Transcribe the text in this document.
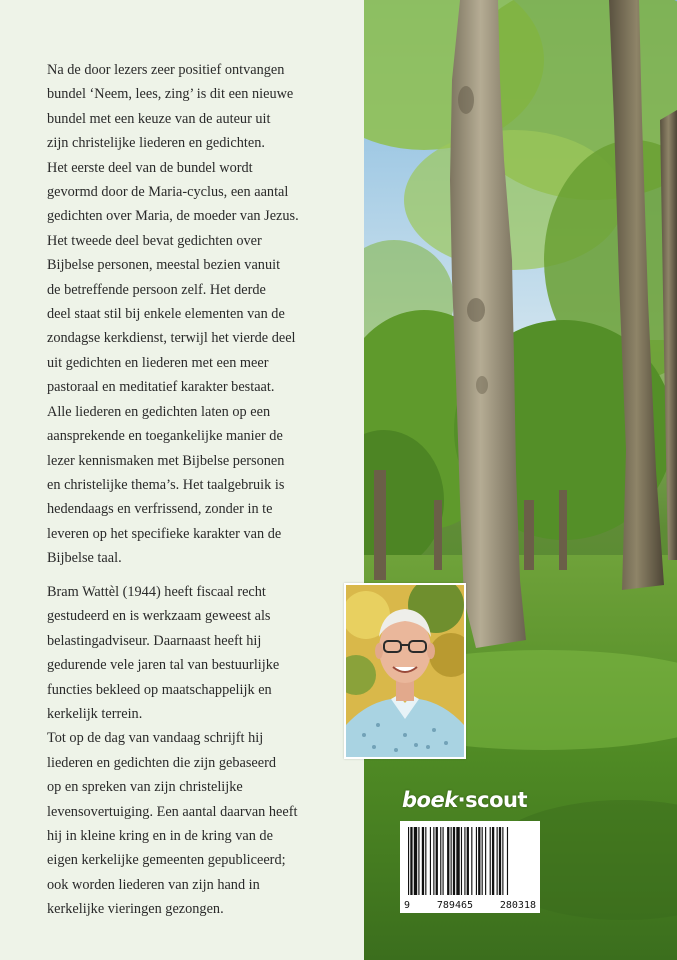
Na de door lezers zeer positief ontvangen
bundel ‘Neem, lees, zing’ is dit een nieuwe
bundel met een keuze van de auteur uit
zijn christelijke liederen en gedichten.
Het eerste deel van de bundel wordt
gevormd door de Maria-cyclus, een aantal
gedichten over Maria, de moeder van Jezus.
Het tweede deel bevat gedichten over
Bijbelse personen, meestal bezien vanuit
de betreffende persoon zelf. Het derde
deel staat stil bij enkele elementen van de
zondagse kerkdienst, terwijl het vierde deel
uit gedichten en liederen met een meer
pastoraal en meditatief karakter bestaat.
Alle liederen en gedichten laten op een
aansprekende en toegankelijke manier de
lezer kennismaken met Bijbelse personen
en christelijke thema’s. Het taalgebruik is
hedendaags en verfrissend, zonder in te
leveren op het specifieke karakter van de
Bijbelse taal.
Bram Wattèl (1944) heeft fiscaal recht
gestudeerd en is werkzaam geweest als
belastingadviseur. Daarnaast heeft hij
gedurende vele jaren tal van bestuurlijke
functies bekleed op maatschappelijk en
kerkelijk terrein.
Tot op de dag van vandaag schrijft hij
liederen en gedichten die zijn gebaseerd
op en spreken van zijn christelijke
levensovertuiging. Een aantal daarvan heeft
hij in kleine kring en in de kring van de
eigen kerkelijke gemeenten gepubliceerd;
ook worden liederen van zijn hand in
kerkelijke vieringen gezongen.
boek·scout
9	789465	280318
